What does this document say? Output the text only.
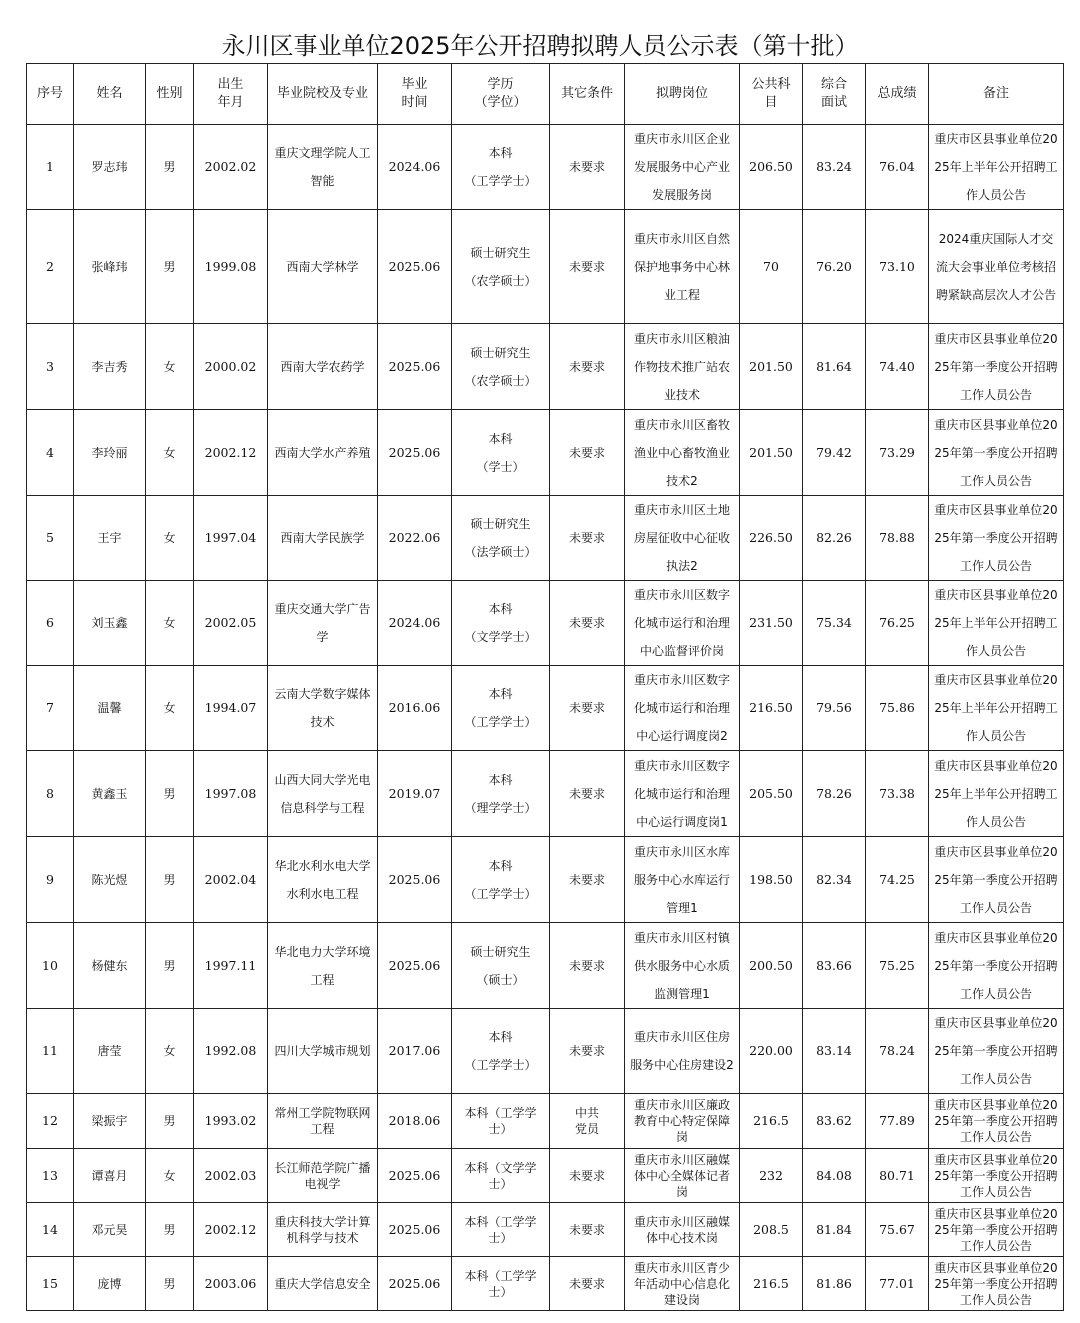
永川区事业单位2025年公开招聘拟聘人员公示表（第十批）
序号	姓名	性别	出生
年月	毕业院校及专业	毕业
时间	学历
（学位）	其它条件	拟聘岗位	公共科
目	综合
面试	总成绩	备注

1	罗志玮	男	2002.02	重庆文理学院人工智能	2024.06	本科
（工学学士）	未要求	重庆市永川区企业发展服务中心产业发展服务岗	206.50	83.24	76.04	重庆市区县事业单位2025年上半年公开招聘工作人员公告

2	张峰玮	男	1999.08	西南大学林学	2025.06	硕士研究生
（农学硕士）	未要求	重庆市永川区自然保护地事务中心林业工程	70	76.20	73.10	2024重庆国际人才交流大会事业单位考核招聘紧缺高层次人才公告

3	李吉秀	女	2000.02	西南大学农药学	2025.06	硕士研究生
（农学硕士）	未要求	重庆市永川区粮油作物技术推广站农业技术	201.50	81.64	74.40	重庆市区县事业单位2025年第一季度公开招聘工作人员公告

4	李玲丽	女	2002.12	西南大学水产养殖	2025.06	本科
（学士）	未要求	重庆市永川区畜牧渔业中心畜牧渔业技术2	201.50	79.42	73.29	重庆市区县事业单位2025年第一季度公开招聘工作人员公告

5	王宇	女	1997.04	西南大学民族学	2022.06	硕士研究生
（法学硕士）	未要求	重庆市永川区土地房屋征收中心征收执法2	226.50	82.26	78.88	重庆市区县事业单位2025年第一季度公开招聘工作人员公告

6	刘玉鑫	女	2002.05	重庆交通大学广告学	2024.06	本科
（文学学士）	未要求	重庆市永川区数字化城市运行和治理中心监督评价岗	231.50	75.34	76.25	重庆市区县事业单位2025年上半年公开招聘工作人员公告

7	温馨	女	1994.07	云南大学数字媒体技术	2016.06	本科
（工学学士）	未要求	重庆市永川区数字化城市运行和治理中心运行调度岗2	216.50	79.56	75.86	重庆市区县事业单位2025年上半年公开招聘工作人员公告

8	黄鑫玉	男	1997.08	山西大同大学光电信息科学与工程	2019.07	本科
（理学学士）	未要求	重庆市永川区数字化城市运行和治理中心运行调度岗1	205.50	78.26	73.38	重庆市区县事业单位2025年上半年公开招聘工作人员公告

9	陈光煜	男	2002.04	华北水利水电大学水利水电工程	2025.06	本科
（工学学士）	未要求	重庆市永川区水库服务中心水库运行管理1	198.50	82.34	74.25	重庆市区县事业单位2025年第一季度公开招聘工作人员公告

10	杨健东	男	1997.11	华北电力大学环境工程	2025.06	硕士研究生
（硕士）	未要求	重庆市永川区村镇供水服务中心水质监测管理1	200.50	83.66	75.25	重庆市区县事业单位2025年第一季度公开招聘工作人员公告

11	唐莹	女	1992.08	四川大学城市规划	2017.06	本科
（工学学士）	未要求	重庆市永川区住房服务中心住房建设2	220.00	83.14	78.24	重庆市区县事业单位2025年第一季度公开招聘工作人员公告

12	梁振宇	男	1993.02	常州工学院物联网工程	2018.06	本科（工学学士）	中共
党员	重庆市永川区廉政教育中心特定保障岗	216.5	83.62	77.89	重庆市区县事业单位2025年第一季度公开招聘工作人员公告

13	谭喜月	女	2002.03	长江师范学院广播电视学	2025.06	本科（文学学士）	未要求	重庆市永川区融媒体中心全媒体记者岗	232	84.08	80.71	重庆市区县事业单位2025年第一季度公开招聘工作人员公告

14	邓元昊	男	2002.12	重庆科技大学计算机科学与技术	2025.06	本科（工学学士）	未要求	重庆市永川区融媒体中心技术岗	208.5	81.84	75.67	重庆市区县事业单位2025年第一季度公开招聘工作人员公告

15	庞博	男	2003.06	重庆大学信息安全	2025.06	本科（工学学士）	未要求	重庆市永川区青少年活动中心信息化建设岗	216.5	81.86	77.01	重庆市区县事业单位2025年第一季度公开招聘工作人员公告
